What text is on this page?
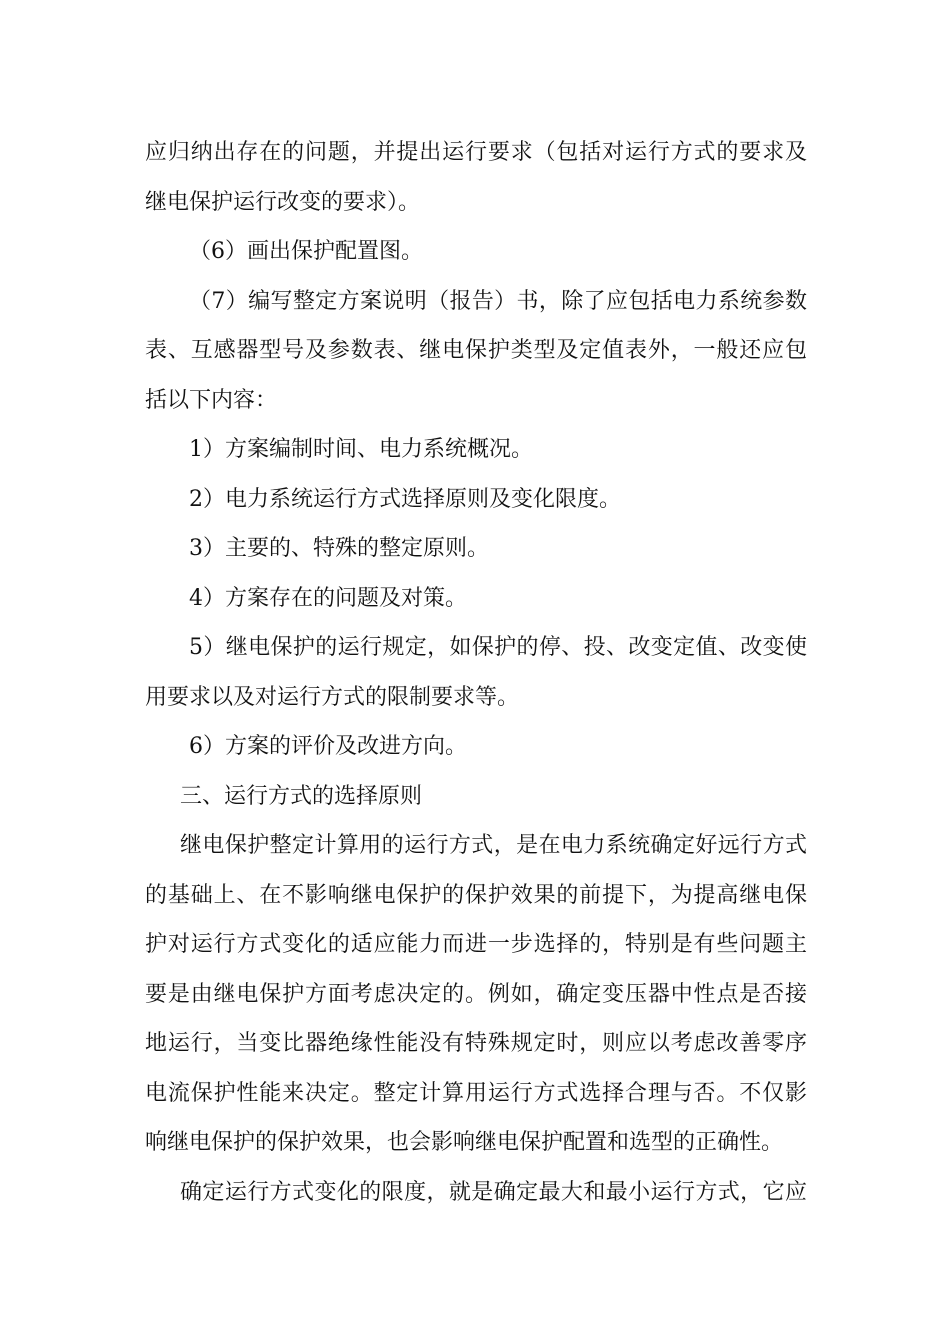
应归纳出存在的问题，并提出运行要求（包括对运行方式的要求及
继电保护运行改变的要求）。
（6）画出保护配置图。
（7）编写整定方案说明（报告）书，除了应包括电力系统参数
表、互感器型号及参数表、继电保护类型及定值表外，一般还应包
括以下内容：
1）方案编制时间、电力系统概况。
2）电力系统运行方式选择原则及变化限度。
3）主要的、特殊的整定原则。
4）方案存在的问题及对策。
5）继电保护的运行规定，如保护的停、投、改变定值、改变使
用要求以及对运行方式的限制要求等。
6）方案的评价及改进方向。
三、运行方式的选择原则
继电保护整定计算用的运行方式，是在电力系统确定好远行方式
的基础上、在不影响继电保护的保护效果的前提下，为提高继电保
护对运行方式变化的适应能力而进一步选择的，特别是有些问题主
要是由继电保护方面考虑决定的。例如，确定变压器中性点是否接
地运行，当变比器绝缘性能没有特殊规定时，则应以考虑改善零序
电流保护性能来决定。整定计算用运行方式选择合理与否。不仅影
响继电保护的保护效果，也会影响继电保护配置和选型的正确性。
确定运行方式变化的限度，就是确定最大和最小运行方式，它应
